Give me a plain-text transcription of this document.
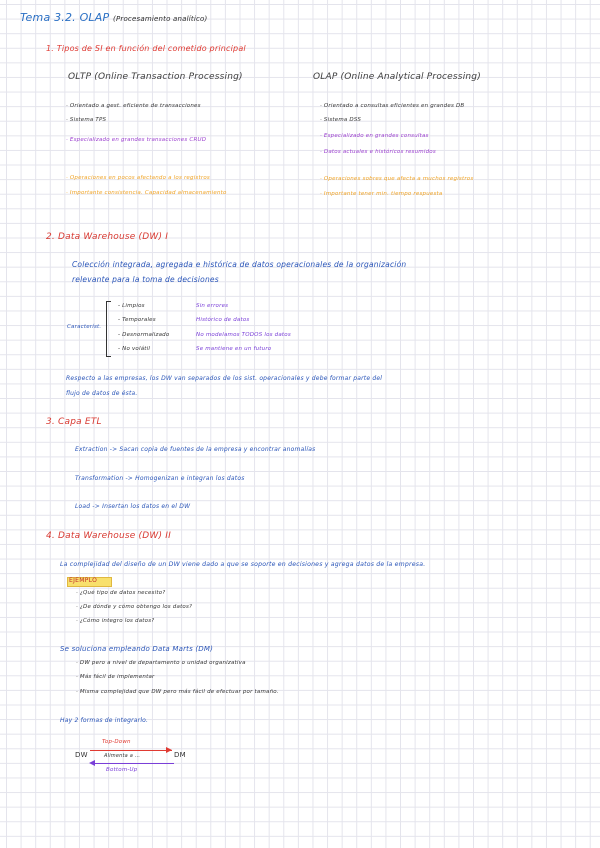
Tema 3.2. OLAP (Procesamiento analítico)
1. Tipos de SI en función del cometido principal
OLTP (Online Transaction Processing)	OLAP (Online Analytical Processing)
· Orientado a gest. eficiente de transacciones
· Sistema TPS
· Especializado en grandes transacciones CRUD
· Operaciones en pocos afectando a los registros
· Importante consistencia. Capacidad almacenamiento
· Orientado a consultas eficientes en grandes DB
· Sistema DSS
· Especializado en grandes consultas
· Datos actuales e históricos resumidos
· Operaciones sobres que afecta a muchos registros
· Importante tener min. tiempo respuesta
2. Data Warehouse (DW) I
Colección integrada, agregada e histórica de datos operacionales de la organización
relevante para la toma de decisiones
Característ.
- Limpios
- Temporales
- Desnormalizado
- No volátil
Sin errores
Histórico de datos
No modelamos TODOS los datos
Se mantiene en un futuro
Respecto a las empresas, los DW van separados de los sist. operacionales y debe formar parte del
flujo de datos de ésta.
3. Capa ETL
Extraction -> Sacan copia de fuentes de la empresa y encontrar anomalías
Transformation -> Homogenizan e integran los datos
Load -> Insertan los datos en el DW
4. Data Warehouse (DW) II
La complejidad del diseño de un DW viene dado a que se soporte en decisiones y agrega datos de la empresa.
EJEMPLO
· ¿Qué tipo de datos necesito?
· ¿De dónde y cómo obtengo los datos?
· ¿Cómo integro los datos?
Se soluciona empleando Data Marts (DM)
· DW pero a nivel de departamento o unidad organizativa
· Más fácil de implementar
· Misma complejidad que DW pero más fácil de efectuar por tamaño.
Hay 2 formas de integrarlo.
DW	DM
Top-Down
Alimenta a ...
Bottom-Up
